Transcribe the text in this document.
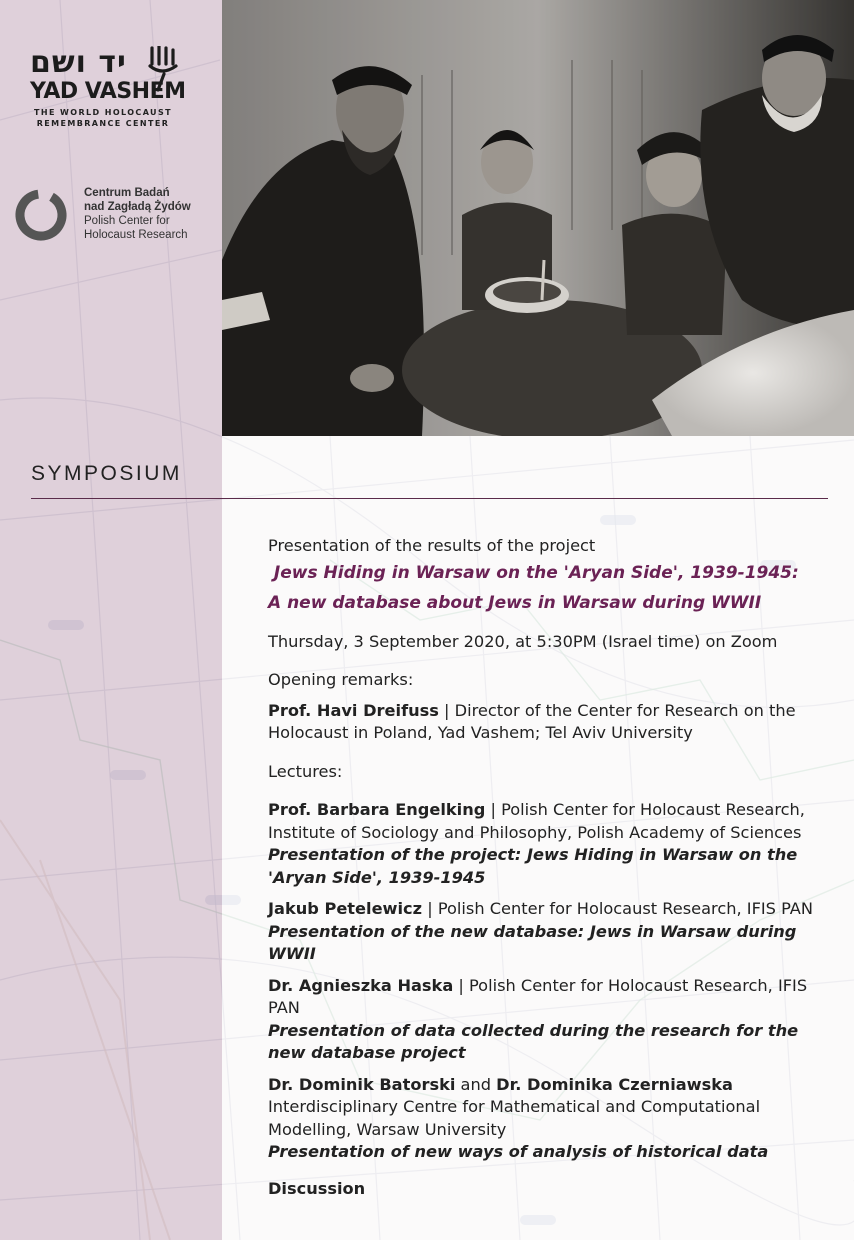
יד ושם
YAD VASHEM
THE WORLD HOLOCAUST
REMEMBRANCE CENTER
Centrum Badań
nad Zagładą Żydów
Polish Center for
Holocaust Research
SYMPOSIUM

Presentation of the results of the project

Jews Hiding in Warsaw on the 'Aryan Side', 1939-1945:

A new database about Jews in Warsaw during WWII

Thursday, 3 September 2020, at 5:30PM (Israel time) on Zoom

Opening remarks:

Prof. Havi Dreifuss | Director of the Center for Research on the Holocaust in Poland, Yad Vashem; Tel Aviv University

Lectures:

Prof. Barbara Engelking | Polish Center for Holocaust Research, Institute of Sociology and Philosophy, Polish Academy of Sciences

Presentation of the project: Jews Hiding in Warsaw on the 'Aryan Side', 1939-1945

Jakub Petelewicz | Polish Center for Holocaust Research, IFIS PAN

Presentation of the new database: Jews in Warsaw during WWII

Dr. Agnieszka Haska | Polish Center for Holocaust Research, IFIS PAN

Presentation of data collected during the research for the new database project

Dr. Dominik Batorski and Dr. Dominika Czerniawska

Interdisciplinary Centre for Mathematical and Computational Modelling, Warsaw University

Presentation of new ways of analysis of historical data

Discussion
